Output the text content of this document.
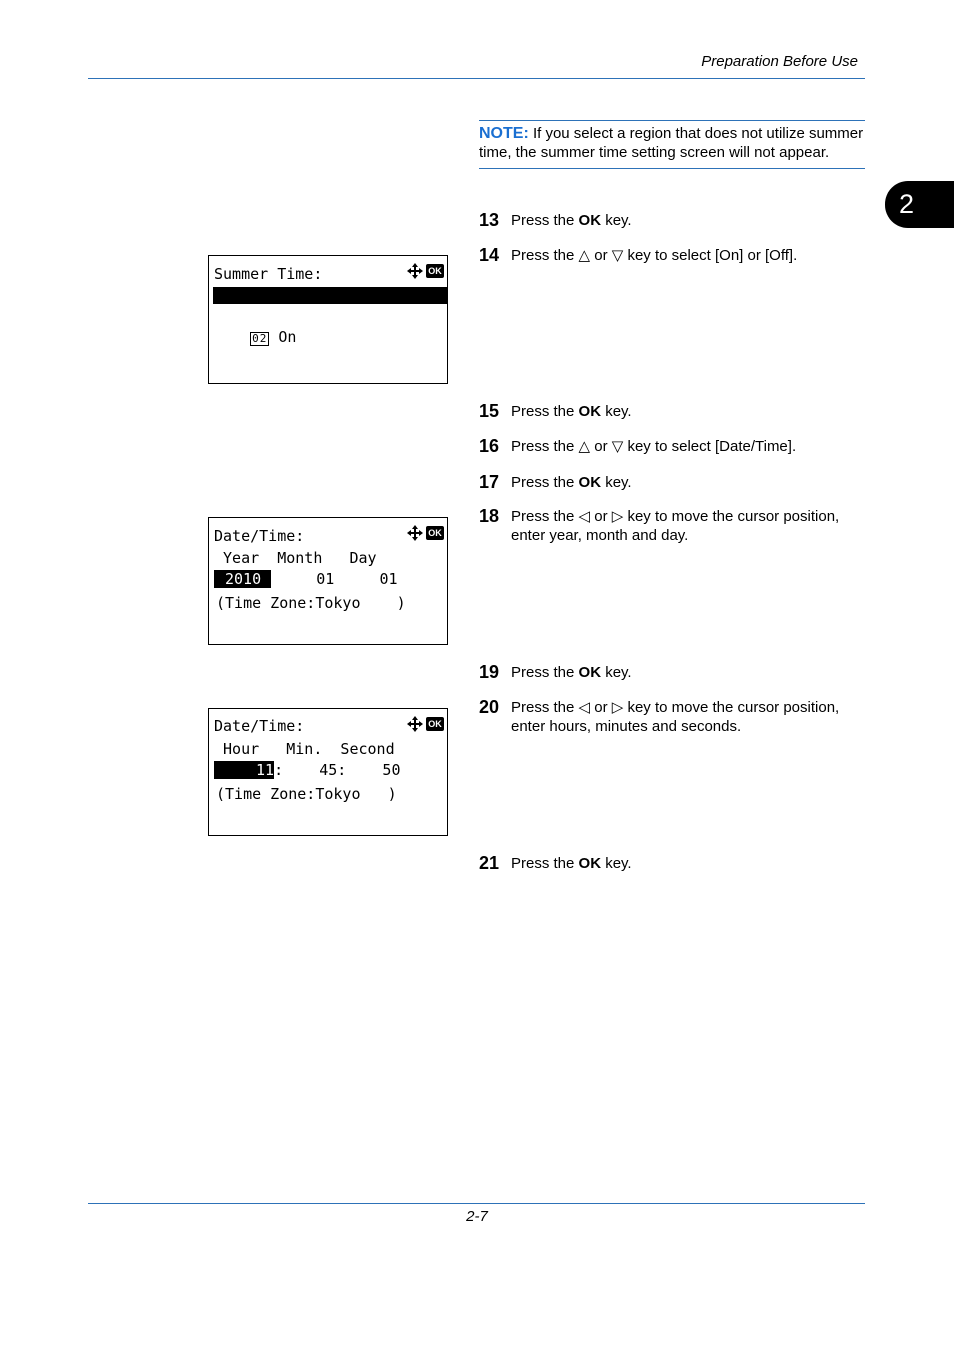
Preparation Before Use
2
NOTE: If you select a region that does not utilize summer time, the summer time setting screen will not appear.
13 Press the OK key.
14 Press the △ or ▽ key to select [On] or [Off].
15 Press the OK key.
16 Press the △ or ▽ key to select [Date/Time].
17 Press the OK key.
18 Press the ◁ or ▷ key to move the cursor position, enter year, month and day.
19 Press the OK key.
20 Press the ◁ or ▷ key to move the cursor position, enter hours, minutes and seconds.
21 Press the OK key.
Summer Time:	OK

01 *Off

02 On

Date/Time:	OK
Year  Month   Day
2010     01     01
(Time Zone:Tokyo    )
Date/Time:	OK
Hour   Min.  Second
11:    45:    50
(Time Zone:Tokyo   )
2-7
